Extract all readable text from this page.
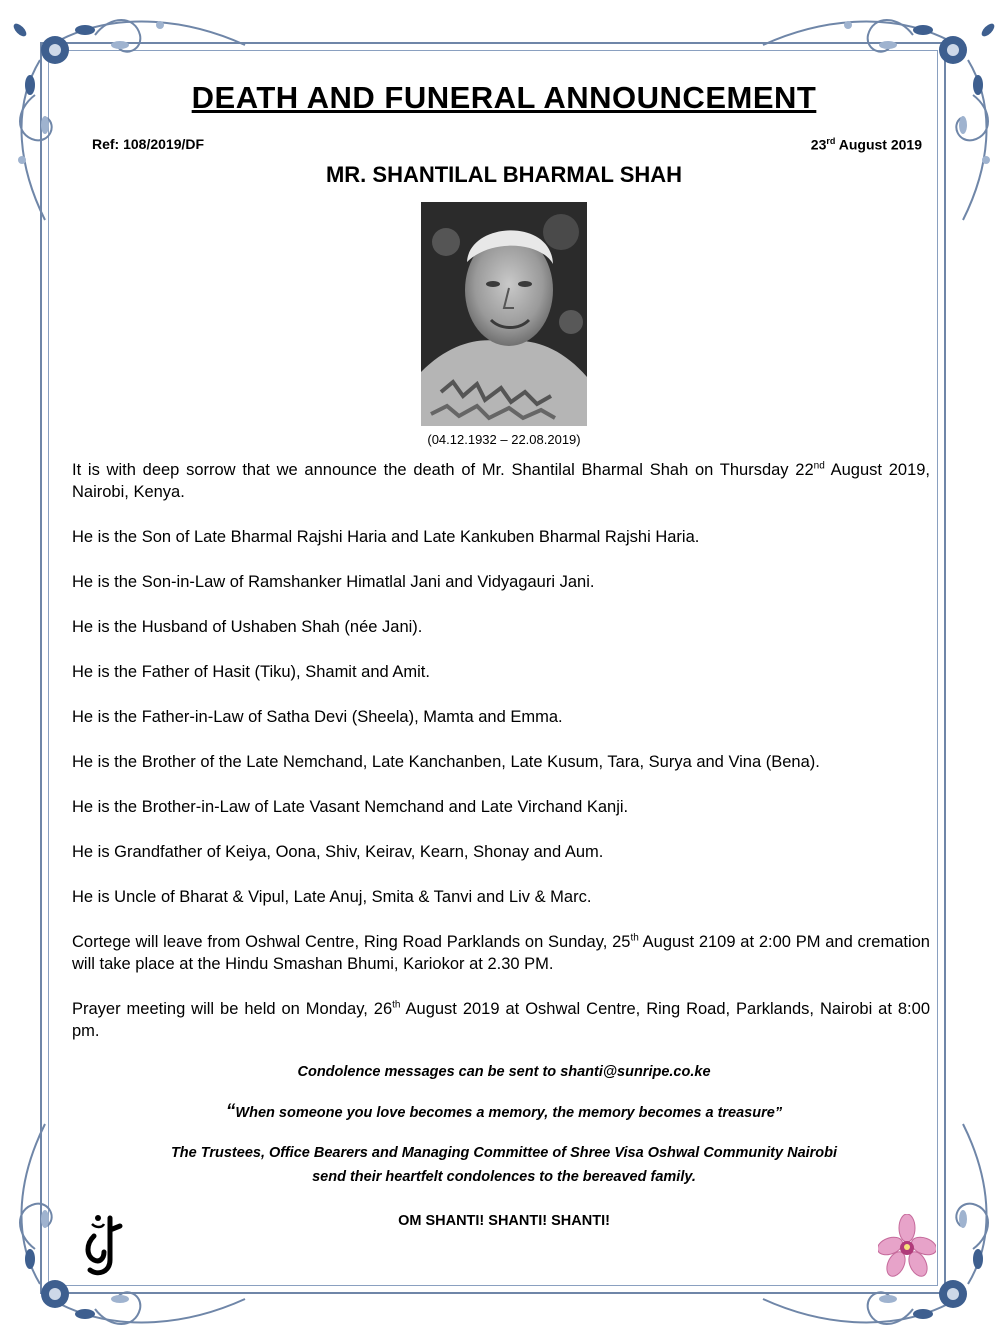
DEATH AND FUNERAL ANNOUNCEMENT
Ref: 108/2019/DF	23rd August 2019
MR. SHANTILAL BHARMAL SHAH
(04.12.1932 – 22.08.2019)

It is with deep sorrow that we announce the death of Mr. Shantilal Bharmal Shah on Thursday 22nd August 2019, Nairobi, Kenya.

He is the Son of Late Bharmal Rajshi Haria and Late Kankuben Bharmal Rajshi Haria.

He is the Son-in-Law of Ramshanker Himatlal Jani and Vidyagauri Jani.

He is the Husband of Ushaben Shah (née Jani).

He is the Father of Hasit (Tiku), Shamit and Amit.

He is the Father-in-Law of Satha Devi (Sheela), Mamta and Emma.

He is the Brother of the Late Nemchand, Late Kanchanben, Late Kusum, Tara, Surya and Vina (Bena).

He is the Brother-in-Law of Late Vasant Nemchand and Late Virchand Kanji.

He is Grandfather of Keiya, Oona, Shiv, Keirav, Kearn, Shonay and Aum.

He is Uncle of Bharat & Vipul, Late Anuj, Smita & Tanvi and Liv & Marc.

Cortege will leave from Oshwal Centre, Ring Road Parklands on Sunday, 25th August 2109 at 2:00 PM and cremation will take place at the Hindu Smashan Bhumi, Kariokor at 2.30 PM.

Prayer meeting will be held on Monday, 26th August 2019 at Oshwal Centre, Ring Road, Parklands, Nairobi at 8:00 pm.

Condolence messages can be sent to shanti@sunripe.co.ke
“When someone you love becomes a memory, the memory becomes a treasure”
The Trustees, Office Bearers and Managing Committee of Shree Visa Oshwal Community Nairobi
send their heartfelt condolences to the bereaved family.
OM SHANTI! SHANTI! SHANTI!
